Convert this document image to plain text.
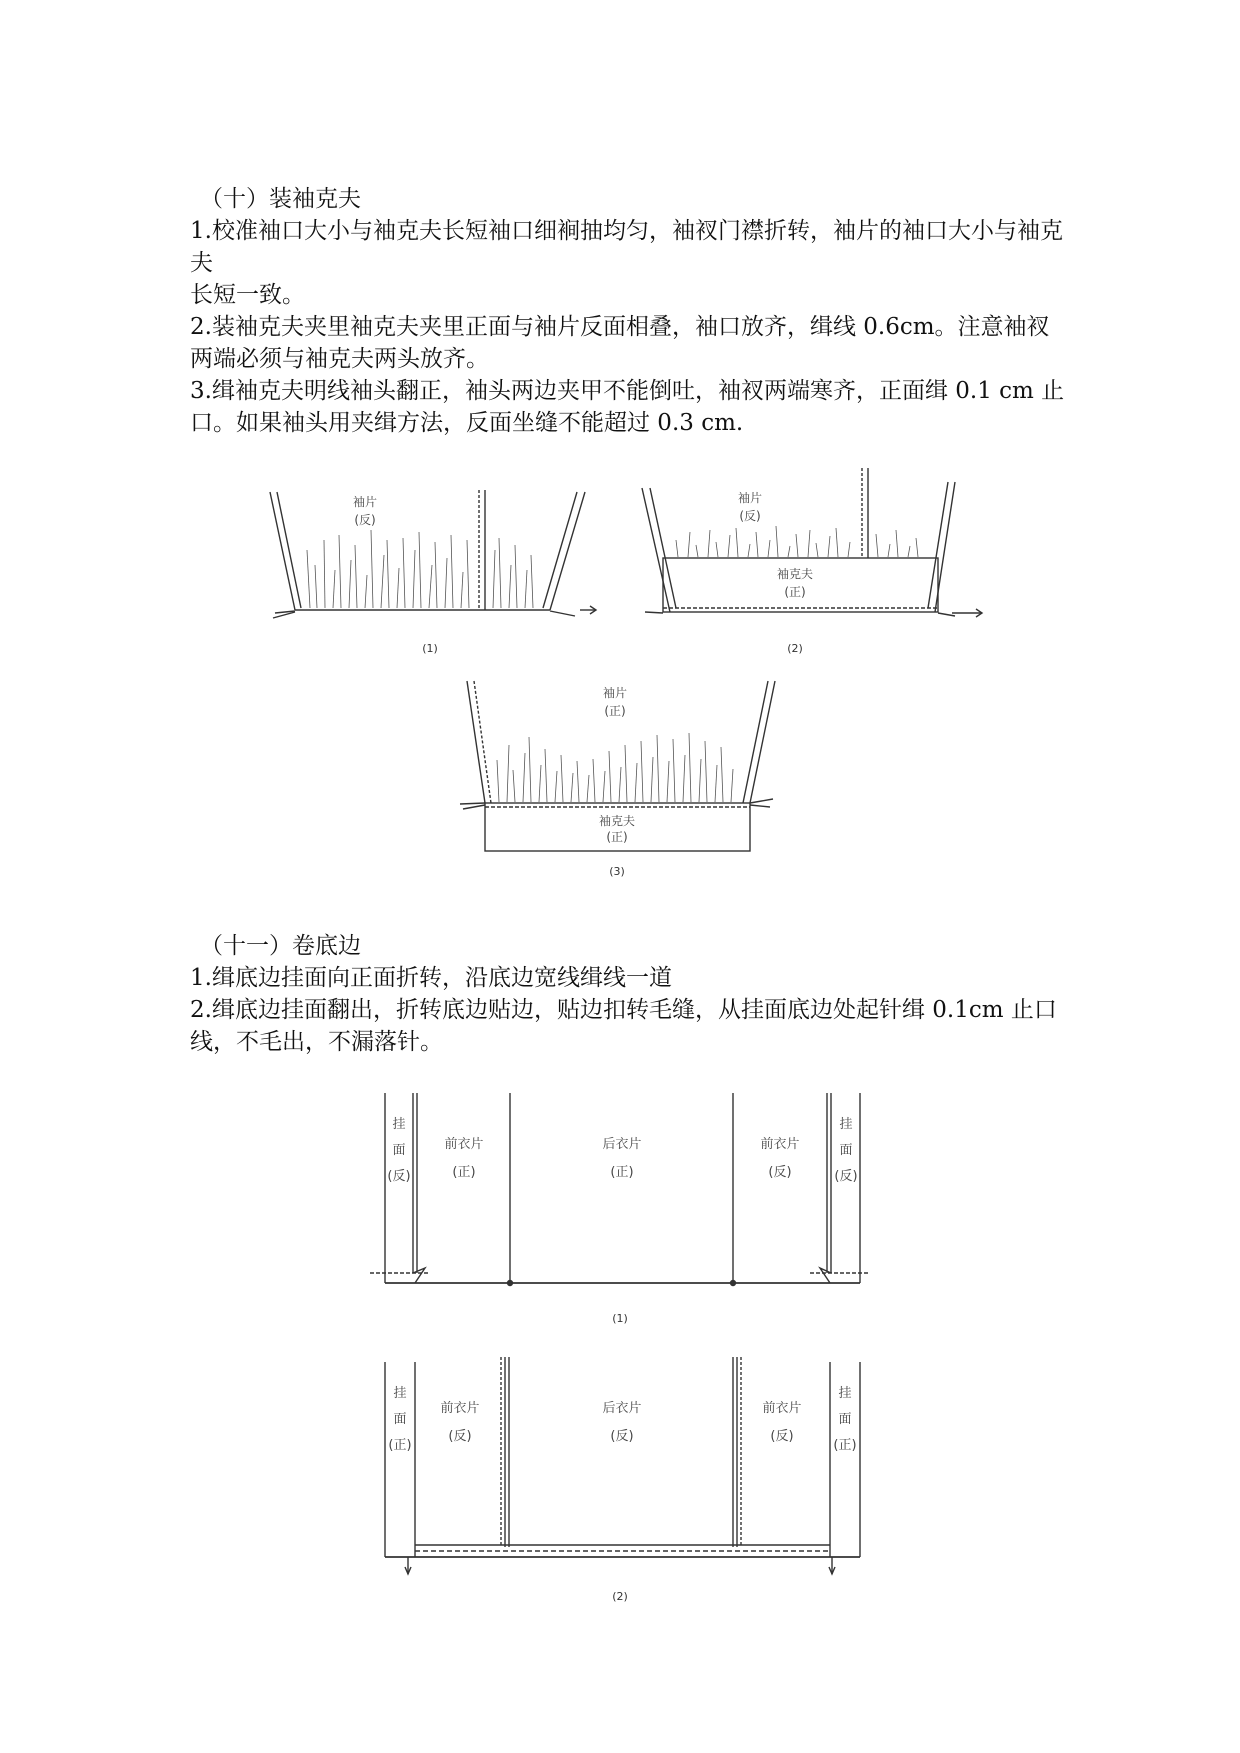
（十）装袖克夫

1.校准袖口大小与袖克夫长短袖口细裥抽均匀，袖衩门襟折转，袖片的袖口大小与袖克夫

长短一致。

2.装袖克夫夹里袖克夫夹里正面与袖片反面相叠，袖口放齐，缉线 0.6cm。注意袖衩两端必须与袖克夫两头放齐。

3.缉袖克夫明线袖头翻正，袖头两边夹甲不能倒吐，袖衩两端寒齐，正面缉 0.1 cm 止口。如果袖头用夹缉方法，反面坐缝不能超过 0.3 cm.

袖片
(反)
(1)
袖片
(反)
袖克夫
(正)
(2)
袖片
(正)
袖克夫
(正)
(3)

（十一）卷底边

1.缉底边挂面向正面折转，沿底边宽线缉线一道

2.缉底边挂面翻出，折转底边贴边，贴边扣转毛缝，从挂面底边处起针缉 0.1cm 止口线，不毛出，不漏落针。

挂
面
(反)
前衣片
(正)
后衣片
(正)
前衣片
(反)
挂
面
(反)
(1)
挂
面
(正)
前衣片
(反)
后衣片
(反)
前衣片
(反)
挂
面
(正)
(2)
